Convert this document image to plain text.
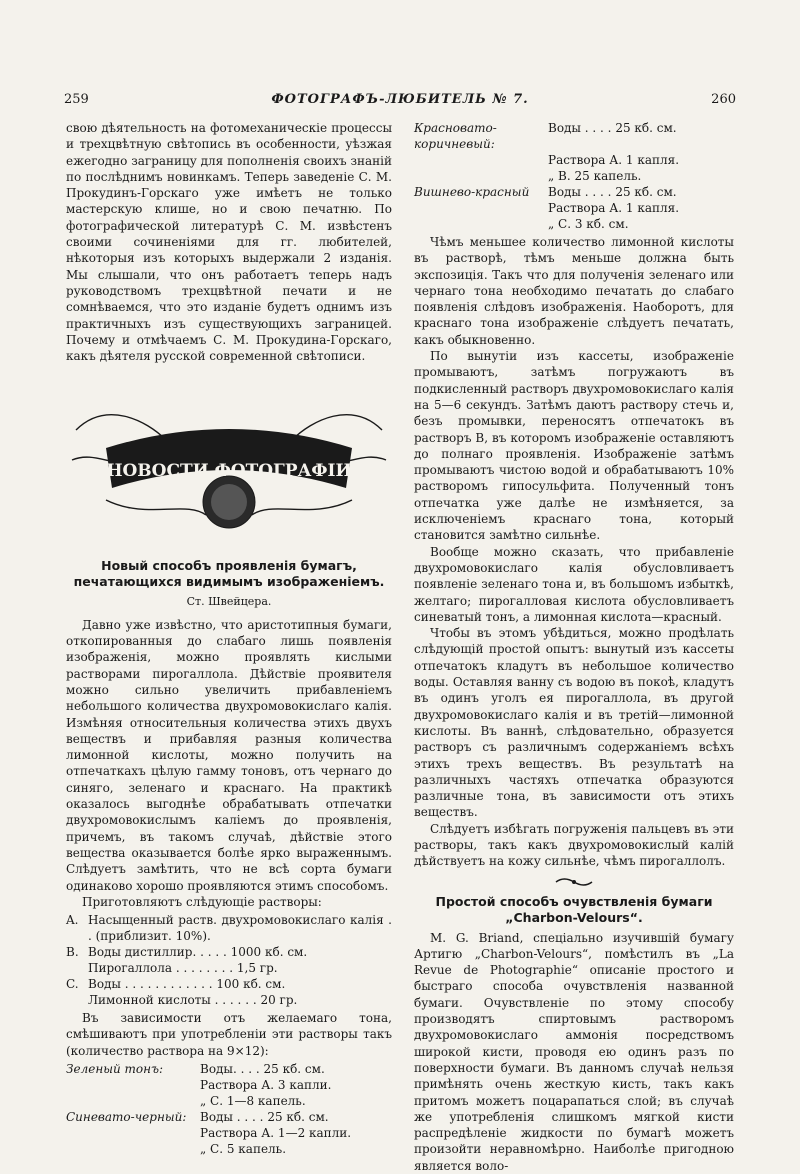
259	ФОТОГРАФЪ-ЛЮБИТЕЛЬ № 7.	260

свою дѣятельность на фотомеханическіе процессы и трехцвѣтную свѣтопись въ особенности, уѣзжая ежегодно заграницу для пополненія своихъ знаній по послѣднимъ новинкамъ. Теперь заведеніе С. М. Прокудинъ-Горскаго уже имѣетъ не только мастерскую клише, но и свою печатню. По фотографической литературѣ С. М. извѣстенъ своими сочиненіями для гг. любителей, нѣкоторыя изъ которыхъ выдержали 2 изданія. Мы слышали, что онъ работаетъ теперь надъ руководствомъ трехцвѣтной печати и не сомнѣваемся, что это изданіе будетъ однимъ изъ практичныхъ изъ существующихъ заграницей. Почему и отмѣчаемъ С. М. Прокудина-Горскаго, какъ дѣятеля русской современной свѣтописи.

НОВОСТИ ФОТОГРАФІИ
Новый способъ проявленія бумагъ, печатающихся видимымъ изображеніемъ.
Ст. Швейцера.

Давно уже извѣстно, что аристотипныя бумаги, откопированныя до слабаго лишь появленія изображенія, можно проявлять кислыми растворами пирогаллола. Дѣйствіе проявителя можно сильно увеличить прибавленіемъ небольшого количества двухромовокислаго калія. Измѣняя относительныя количества этихъ двухъ веществъ и прибавляя разныя количества лимонной кислоты, можно получить на отпечаткахъ цѣлую гамму тоновъ, отъ чернаго до синяго, зеленаго и краснаго. На практикѣ оказалось выгоднѣе обрабатывать отпечатки двухромовокислымъ каліемъ до проявленія, причемъ, въ такомъ случаѣ, дѣйствіе этого вещества оказывается болѣе ярко выраженнымъ. Слѣдуетъ замѣтить, что не всѣ сорта бумаги одинаково хорошо проявляются этимъ способомъ.

Приготовляютъ слѣдующіе растворы:

A. Насыщенный раств. двухромовокислаго калія . . (приблизит. 10%).
B. Воды дистиллир. . . . . 1000 кб. см.
Пирогаллола . . . . . . . . 1,5 гр.
C. Воды . . . . . . . . . . . . 100 кб. см.
Лимонной кислоты . . . . . . 20 гр.

Въ зависимости отъ желаемаго тона, смѣшиваютъ при употребленіи эти растворы такъ (количество раствора на 9×12):

Зеленый тонъ:	Воды. . . . 25 кб. см.
Раствора А. 3 капли.
„ С. 1—8 капель.
Синевато-черный:	Воды . . . . 25 кб. см.
Раствора А. 1—2 капли.
„ С. 5 капель.
Красновато-коричневый:
Воды . . . . 25 кб. см.
Раствора А. 1 капля.
„ В. 25 капель.
Вишнево-красный	Воды . . . . 25 кб. см.
Раствора А. 1 капля.
„ С. 3 кб. см.

Чѣмъ меньшее количество лимонной кислоты въ растворѣ, тѣмъ меньше должна быть экспозиція. Такъ что для полученія зеленаго или чернаго тона необходимо печатать до слабаго появленія слѣдовъ изображенія. Наоборотъ, для краснаго тона изображеніе слѣдуетъ печатать, какъ обыкновенно.

По вынутіи изъ кассеты, изображеніе промываютъ, затѣмъ погружаютъ въ подкисленный растворъ двухромовокислаго калія на 5—6 секундъ. Затѣмъ даютъ раствору стечь и, безъ промывки, переносятъ отпечатокъ въ растворъ В, въ которомъ изображеніе оставляютъ до полнаго проявленія. Изображеніе затѣмъ промываютъ чистою водой и обрабатываютъ 10% растворомъ гипосульфита. Полученный тонъ отпечатка уже далѣе не измѣняется, за исключеніемъ краснаго тона, который становится замѣтно сильнѣе.

Вообще можно сказать, что прибавленіе двухромовокислаго калія обусловливаетъ появленіе зеленаго тона и, въ большомъ избыткѣ, желтаго; пирогалловая кислота обусловливаетъ синеватый тонъ, а лимонная кислота—красный.

Чтобы въ этомъ убѣдиться, можно продѣлать слѣдующій простой опытъ: вынутый изъ кассеты отпечатокъ кладутъ въ небольшое количество воды. Оставляя ванну съ водою въ покоѣ, кладутъ въ одинъ уголъ ея пирогаллола, въ другой двухромовокислаго калія и въ третій—лимонной кислоты. Въ ваннѣ, слѣдовательно, образуется растворъ съ различнымъ содержаніемъ всѣхъ этихъ трехъ веществъ. Въ результатѣ на различныхъ частяхъ отпечатка образуются различные тона, въ зависимости отъ этихъ веществъ.

Слѣдуетъ избѣгать погруженія пальцевъ въ эти растворы, такъ какъ двухромовокислый калій дѣйствуетъ на кожу сильнѣе, чѣмъ пирогаллолъ.

Простой способъ очувствленія бумаги „Charbon-Velours“.

M. G. Briand, спеціально изучившій бумагу Артигю „Charbon-Velours“, помѣстилъ въ „La Revue de Photographie“ описаніе простого и быстраго способа очувствленія названной бумаги. Очувствленіе по этому способу производятъ спиртовымъ растворомъ двухромовокислаго аммонія посредствомъ широкой кисти, проводя ею одинъ разъ по поверхности бумаги. Въ данномъ случаѣ нельзя примѣнять очень жесткую кисть, такъ какъ притомъ можетъ поцарапаться слой; въ случаѣ же употребленія слишкомъ мягкой кисти распредѣленіе жидкости по бумагѣ можетъ произойти неравномѣрно. Наиболѣе пригодною является воло-
